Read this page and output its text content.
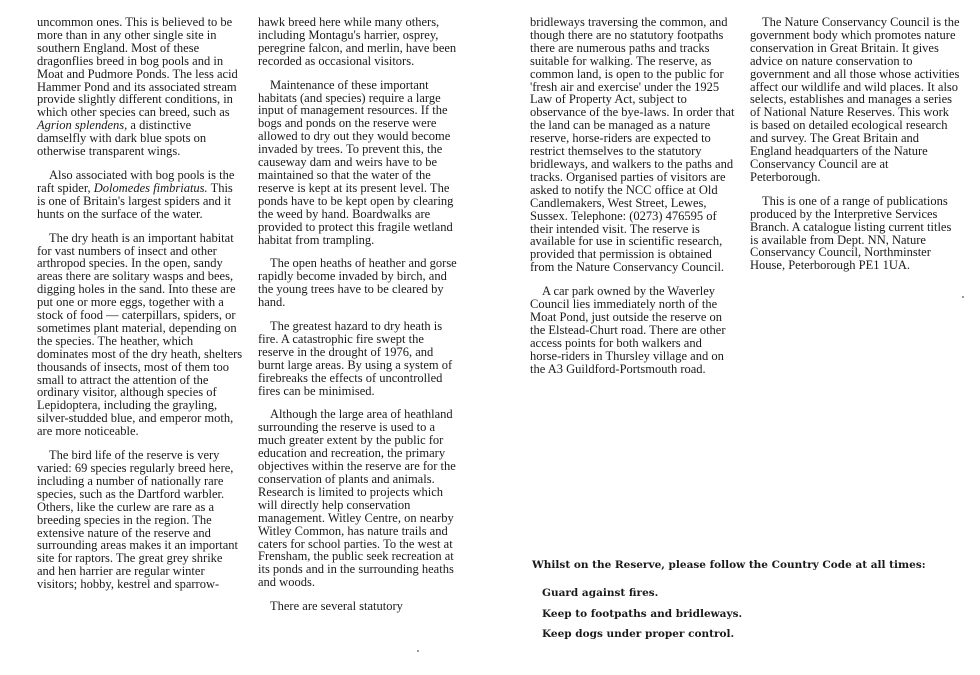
uncommon ones. This is believed to be more than in any other single site in southern England. Most of these dragonflies breed in bog pools and in Moat and Pudmore Ponds. The less acid Hammer Pond and its associated stream provide slightly different conditions, in which other species can breed, such as Agrion splendens, a distinctive damselfly with dark blue spots on otherwise transparent wings.

Also associated with bog pools is the raft spider, Dolomedes fimbriatus. This is one of Britain's largest spiders and it hunts on the surface of the water.

The dry heath is an important habitat for vast numbers of insect and other arthropod species. In the open, sandy areas there are solitary wasps and bees, digging holes in the sand. Into these are put one or more eggs, together with a stock of food — caterpillars, spiders, or sometimes plant material, depending on the species. The heather, which dominates most of the dry heath, shelters thousands of insects, most of them too small to attract the attention of the ordinary visitor, although species of Lepidoptera, including the grayling, silver-studded blue, and emperor moth, are more noticeable.

The bird life of the reserve is very varied: 69 species regularly breed here, including a number of nationally rare species, such as the Dartford warbler. Others, like the curlew are rare as a breeding species in the region. The extensive nature of the reserve and surrounding areas makes it an important site for raptors. The great grey shrike and hen harrier are regular winter visitors; hobby, kestrel and sparrow-

hawk breed here while many others, including Montagu's harrier, osprey, peregrine falcon, and merlin, have been recorded as occasional visitors.

Maintenance of these important habitats (and species) require a large input of management resources. If the bogs and ponds on the reserve were allowed to dry out they would become invaded by trees. To prevent this, the causeway dam and weirs have to be maintained so that the water of the reserve is kept at its present level. The ponds have to be kept open by clearing the weed by hand. Boardwalks are provided to protect this fragile wetland habitat from trampling.

The open heaths of heather and gorse rapidly become invaded by birch, and the young trees have to be cleared by hand.

The greatest hazard to dry heath is fire. A catastrophic fire swept the reserve in the drought of 1976, and burnt large areas. By using a system of firebreaks the effects of uncontrolled fires can be minimised.

Although the large area of heathland surrounding the reserve is used to a much greater extent by the public for education and recreation, the primary objectives within the reserve are for the conservation of plants and animals. Research is limited to projects which will directly help conservation management. Witley Centre, on nearby Witley Common, has nature trails and caters for school parties. To the west at Frensham, the public seek recreation at its ponds and in the surrounding heaths and woods.

There are several statutory

bridleways traversing the common, and though there are no statutory footpaths there are numerous paths and tracks suitable for walking. The reserve, as common land, is open to the public for 'fresh air and exercise' under the 1925 Law of Property Act, subject to observance of the bye-laws. In order that the land can be managed as a nature reserve, horse-riders are expected to restrict themselves to the statutory bridleways, and walkers to the paths and tracks. Organised parties of visitors are asked to notify the NCC office at Old Candlemakers, West Street, Lewes, Sussex. Telephone: (0273) 476595 of their intended visit. The reserve is available for use in scientific research, provided that permission is obtained from the Nature Conservancy Council.

A car park owned by the Waverley Council lies immediately north of the Moat Pond, just outside the reserve on the Elstead-Churt road. There are other access points for both walkers and horse-riders in Thursley village and on the A3 Guildford-Portsmouth road.

The Nature Conservancy Council is the government body which promotes nature conservation in Great Britain. It gives advice on nature conservation to government and all those whose activities affect our wildlife and wild places. It also selects, establishes and manages a series of National Nature Reserves. This work is based on detailed ecological research and survey. The Great Britain and England headquarters of the Nature Conservancy Council are at Peterborough.

This is one of a range of publications produced by the Interpretive Services Branch. A catalogue listing current titles is available from Dept. NN, Nature Conservancy Council, Northminster House, Peterborough PE1 1UA.

Whilst on the Reserve, please follow the Country Code at all times:

Guard against fires.
Keep to footpaths and bridleways.
Keep dogs under proper control.
